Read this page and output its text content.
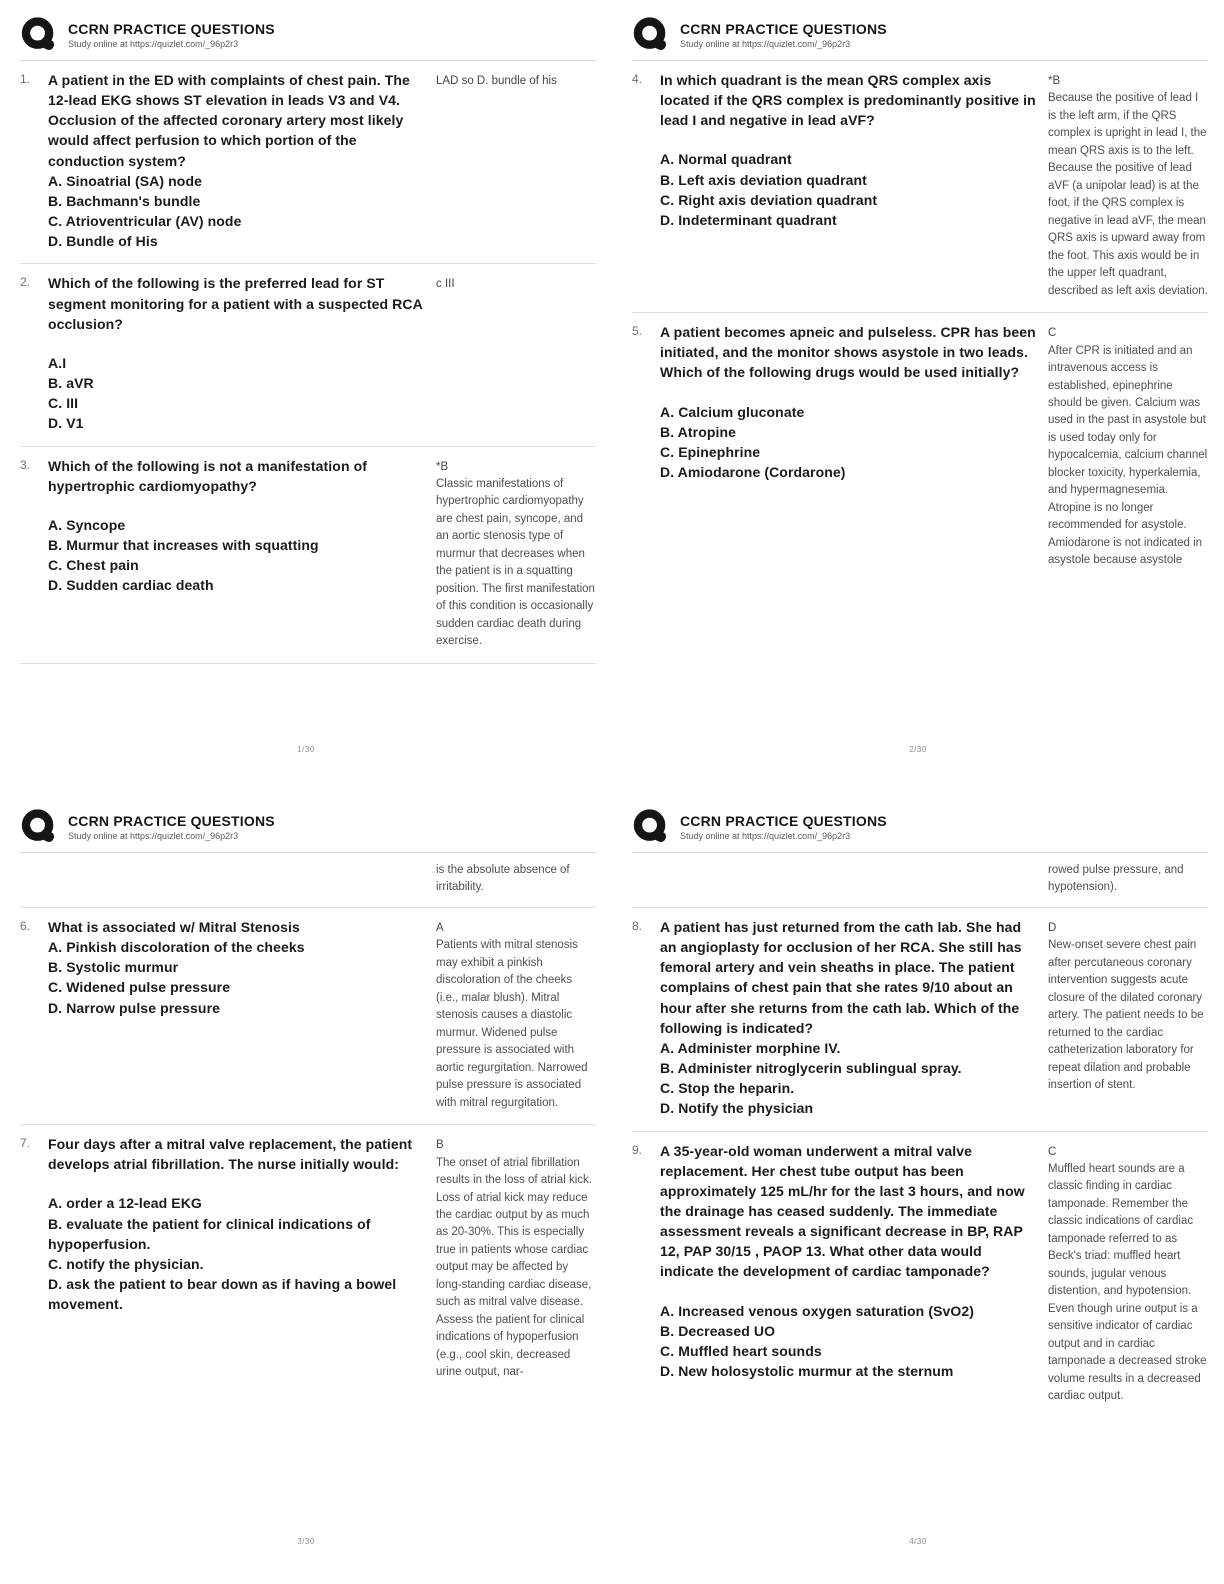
CCRN PRACTICE QUESTIONS
Study online at https://quizlet.com/_96p2r3
1.	A patient in the ED with complaints of chest pain. The 12-lead EKG shows ST elevation in leads V3 and V4. Occlusion of the affected coronary artery most likely would affect perfusion to which portion of the conduction system?
A. Sinoatrial (SA) node
B. Bachmann's bundle
C. Atrioventricular (AV) node
D. Bundle of His
LAD so D. bundle of his
2.	Which of the following is the preferred lead for ST segment monitoring for a patient with a suspected RCA occlusion?
A.I
B. aVR
C. III
D. V1
c III
3.	Which of the following is not a manifestation of hypertrophic cardiomyopathy?
A. Syncope
B. Murmur that increases with squatting
C. Chest pain
D. Sudden cardiac death
*B
Classic manifestations of hypertrophic cardiomyopathy are chest pain, syncope, and an aortic stenosis type of murmur that decreases when the patient is in a squatting position. The first manifestation of this condition is occasionally sudden cardiac death during exercise.
1/30
CCRN PRACTICE QUESTIONS
Study online at https://quizlet.com/_96p2r3
4.	In which quadrant is the mean QRS complex axis located if the QRS complex is predominantly positive in lead I and negative in lead aVF?
A. Normal quadrant
B. Left axis deviation quadrant
C. Right axis deviation quadrant
D. Indeterminant quadrant
*B
Because the positive of lead I is the left arm, if the QRS complex is upright in lead I, the mean QRS axis is to the left. Because the positive of lead aVF (a unipolar lead) is at the foot, if the QRS complex is negative in lead aVF, the mean QRS axis is upward away from the foot. This axis would be in the upper left quadrant, described as left axis deviation.
5.	A patient becomes apneic and pulseless. CPR has been initiated, and the monitor shows asystole in two leads. Which of the following drugs would be used initially?
A. Calcium gluconate
B. Atropine
C. Epinephrine
D. Amiodarone (Cordarone)
C
After CPR is initiated and an intravenous access is established, epinephrine should be given. Calcium was used in the past in asystole but is used today only for hypocalcemia, calcium channel blocker toxicity, hyperkalemia, and hypermagnesemia. Atropine is no longer recommended for asystole. Amiodarone is not indicated in asystole because asystole
2/30
CCRN PRACTICE QUESTIONS
Study online at https://quizlet.com/_96p2r3
is the absolute absence of irritability.
6.	What is associated w/ Mitral Stenosis
A. Pinkish discoloration of the cheeks
B. Systolic murmur
C. Widened pulse pressure
D. Narrow pulse pressure
A
Patients with mitral stenosis may exhibit a pinkish discoloration of the cheeks (i.e., malar blush). Mitral stenosis causes a diastolic murmur. Widened pulse pressure is associated with aortic regurgitation. Narrowed pulse pressure is associated with mitral regurgitation.
7.	Four days after a mitral valve replacement, the patient develops atrial fibrillation. The nurse initially would:
A. order a 12-lead EKG
B. evaluate the patient for clinical indications of hypoperfusion.
C. notify the physician.
D. ask the patient to bear down as if having a bowel movement.
B
The onset of atrial fibrillation results in the loss of atrial kick. Loss of atrial kick may reduce the cardiac output by as much as 20-30%. This is especially true in patients whose cardiac output may be affected by long-standing cardiac disease, such as mitral valve disease. Assess the patient for clinical indications of hypoperfusion (e.g., cool skin, decreased urine output, nar-
3/30
CCRN PRACTICE QUESTIONS
Study online at https://quizlet.com/_96p2r3
rowed pulse pressure, and hypotension).
8.	A patient has just returned from the cath lab. She had an angioplasty for occlusion of her RCA. She still has femoral artery and vein sheaths in place. The patient complains of chest pain that she rates 9/10 about an hour after she returns from the cath lab. Which of the following is indicated?
A. Administer morphine IV.
B. Administer nitroglycerin sublingual spray.
C. Stop the heparin.
D. Notify the physician
D
New-onset severe chest pain after percutaneous coronary intervention suggests acute closure of the dilated coronary artery. The patient needs to be returned to the cardiac catheterization laboratory for repeat dilation and probable insertion of stent.
9.	A 35-year-old woman underwent a mitral valve replacement. Her chest tube output has been approximately 125 mL/hr for the last 3 hours, and now the drainage has ceased suddenly. The immediate assessment reveals a significant decrease in BP, RAP 12, PAP 30/15 , PAOP 13. What other data would indicate the development of cardiac tamponade?
A. Increased venous oxygen saturation (SvO2)
B. Decreased UO
C. Muffled heart sounds
D. New holosystolic murmur at the sternum
C
Muffled heart sounds are a classic finding in cardiac tamponade. Remember the classic indications of cardiac tamponade referred to as Beck's triad: muffled heart sounds, jugular venous distention, and hypotension. Even though urine output is a sensitive indicator of cardiac output and in cardiac tamponade a decreased stroke volume results in a decreased cardiac output.
4/30
